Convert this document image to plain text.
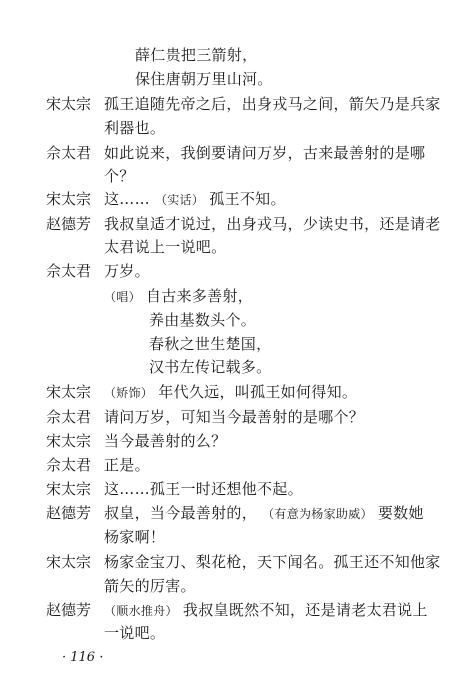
薛仁贵把三箭射，
保住唐朝万里山河。
宋太宗 孤王追随先帝之后，出身戎马之间，箭矢乃是兵家
利器也。
佘太君 如此说来，我倒要请问万岁，古来最善射的是哪
个？
宋太宗 这…… （实话） 孤王不知。
赵德芳 我叔皇适才说过，出身戎马，少读史书，还是请老
太君说上一说吧。
佘太君 万岁。
（唱） 自古来多善射，
养由基数头个。
春秋之世生楚国，
汉书左传记载多。
宋太宗 （矫饰） 年代久远，叫孤王如何得知。
佘太君 请问万岁，可知当今最善射的是哪个？
宋太宗 当今最善射的么？
佘太君 正是。
宋太宗 这……孤王一时还想他不起。
赵德芳 叔皇，当今最善射的， （有意为杨家助威） 要数她
杨家啊！
宋太宗 杨家金宝刀、梨花枪，天下闻名。孤王还不知他家
箭矢的厉害。
赵德芳 （顺水推舟） 我叔皇既然不知，还是请老太君说上
一说吧。
· 116 ·
